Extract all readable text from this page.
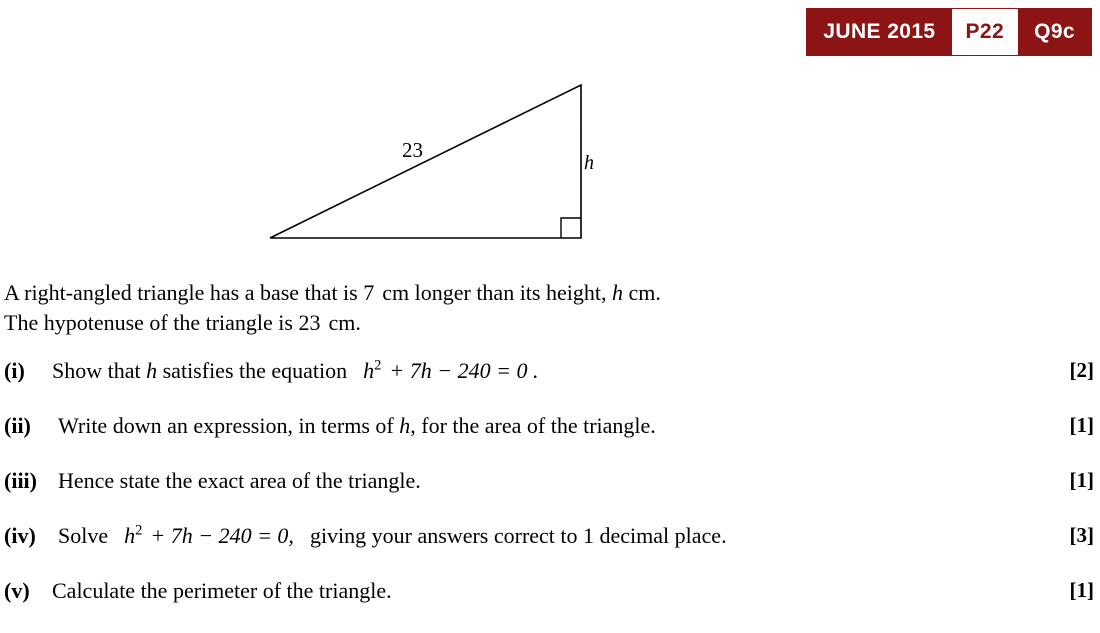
JUNE 2015	P22	Q9c
23
h
A right-angled triangle has a base that is 7 cm longer than its height, h cm.
The hypotenuse of the triangle is 23 cm.
(i) Show that h satisfies the equation $h^2 + 7h - 240 = 0$ .	[2]
(ii) Write down an expression, in terms of h, for the area of the triangle.	[1]
(iii) Hence state the exact area of the triangle.	[1]
(iv) Solve $h^2 + 7h - 240 = 0$, giving your answers correct to 1 decimal place.	[3]
(v) Calculate the perimeter of the triangle.	[1]
